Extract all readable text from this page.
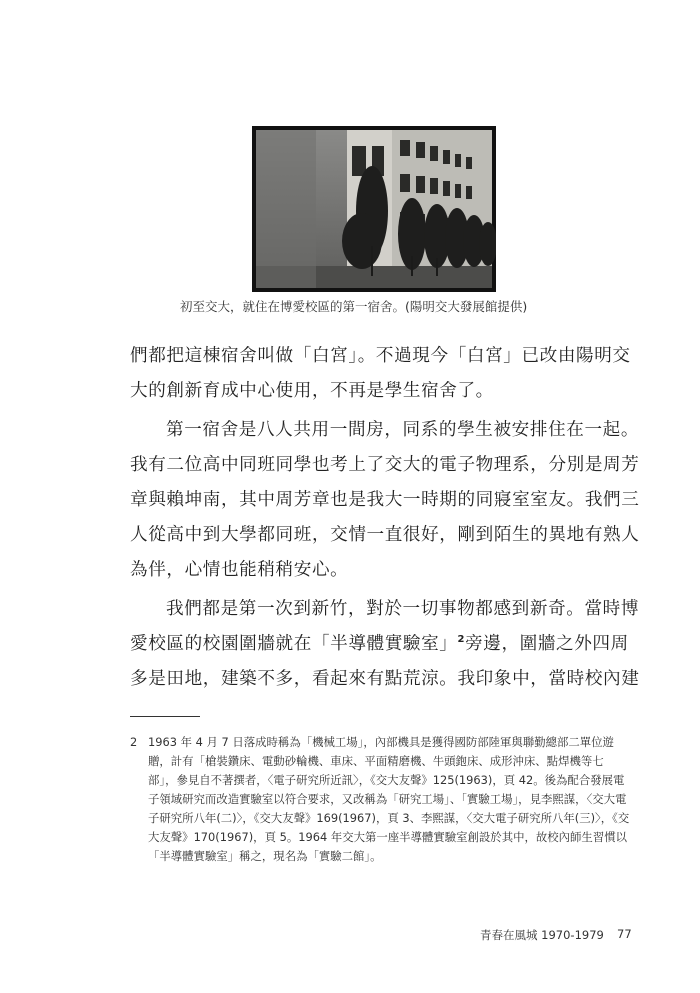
初至交大，就住在博愛校區的第一宿舍。(陽明交大發展館提供)

們都把這棟宿舍叫做「白宮」。不過現今「白宮」已改由陽明交大的創新育成中心使用，不再是學生宿舍了。

第一宿舍是八人共用一間房，同系的學生被安排住在一起。我有二位高中同班同學也考上了交大的電子物理系，分別是周芳章與賴坤南，其中周芳章也是我大一時期的同寢室室友。我們三人從高中到大學都同班，交情一直很好，剛到陌生的異地有熟人為伴，心情也能稍稍安心。

我們都是第一次到新竹，對於一切事物都感到新奇。當時博愛校區的校園圍牆就在「半導體實驗室」$^2$旁邊，圍牆之外四周多是田地，建築不多，看起來有點荒涼。我印象中，當時校內建

2 1963 年 4 月 7 日落成時稱為「機械工場」，內部機具是獲得國防部陸軍與聯勤總部二單位遊贈，計有「槍裝鑽床、電動砂輪機、車床、平面精磨機、牛頭鉋床、成形沖床、點焊機等七部」，參見自不著撰者，〈電子研究所近訊〉，《交大友聲》125(1963)，頁 42。後為配合發展電子領域研究而改造實驗室以符合要求，又改稱為「研究工場」、「實驗工場」，見李熙謀，〈交大電子研究所八年(二)〉，《交大友聲》169(1967)，頁 3、李熙謀，〈交大電子研究所八年(三)〉，《交大友聲》170(1967)，頁 5。1964 年交大第一座半導體實驗室創設於其中，故校內師生習慣以「半導體實驗室」稱之，現名為「實驗二館」。
青春在風城 1970-1979 77
